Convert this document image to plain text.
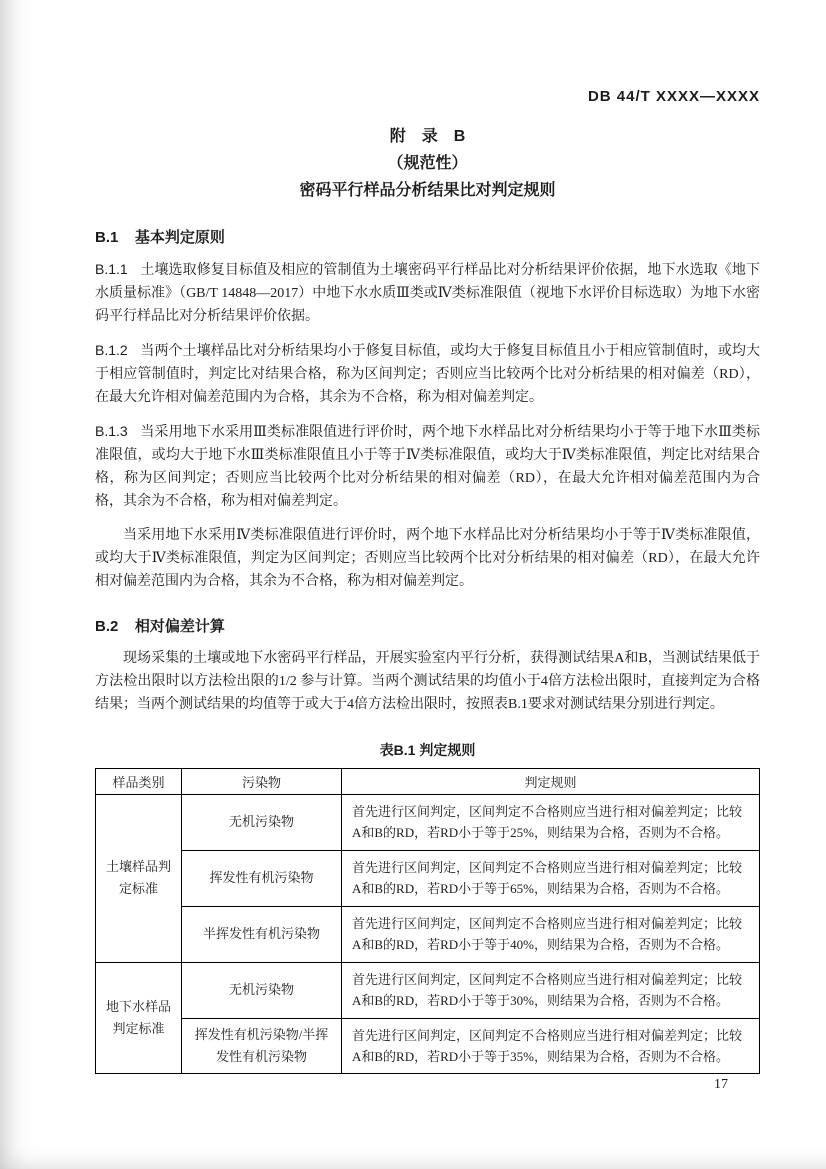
DB 44/T XXXX—XXXX
附　录　B
（规范性）
密码平行样品分析结果比对判定规则
B.1 基本判定原则

B.1.1 土壤选取修复目标值及相应的管制值为土壤密码平行样品比对分析结果评价依据，地下水选取《地下水质量标准》（GB/T 14848—2017）中地下水水质Ⅲ类或Ⅳ类标准限值（视地下水评价目标选取）为地下水密码平行样品比对分析结果评价依据。

B.1.2 当两个土壤样品比对分析结果均小于修复目标值，或均大于修复目标值且小于相应管制值时，或均大于相应管制值时，判定比对结果合格，称为区间判定；否则应当比较两个比对分析结果的相对偏差（RD），在最大允许相对偏差范围内为合格，其余为不合格，称为相对偏差判定。

B.1.3 当采用地下水采用Ⅲ类标准限值进行评价时，两个地下水样品比对分析结果均小于等于地下水Ⅲ类标准限值，或均大于地下水Ⅲ类标准限值且小于等于Ⅳ类标准限值，或均大于Ⅳ类标准限值，判定比对结果合格，称为区间判定；否则应当比较两个比对分析结果的相对偏差（RD），在最大允许相对偏差范围内为合格，其余为不合格，称为相对偏差判定。

当采用地下水采用Ⅳ类标准限值进行评价时，两个地下水样品比对分析结果均小于等于Ⅳ类标准限值，或均大于Ⅳ类标准限值，判定为区间判定；否则应当比较两个比对分析结果的相对偏差（RD），在最大允许相对偏差范围内为合格，其余为不合格，称为相对偏差判定。

B.2 相对偏差计算

现场采集的土壤或地下水密码平行样品，开展实验室内平行分析，获得测试结果A和B，当测试结果低于方法检出限时以方法检出限的1/2 参与计算。当两个测试结果的均值小于4倍方法检出限时，直接判定为合格结果；当两个测试结果的均值等于或大于4倍方法检出限时，按照表B.1要求对测试结果分别进行判定。

表B.1 判定规则
样品类别	污染物	判定规则
土壤样品判定标准	无机污染物	首先进行区间判定，区间判定不合格则应当进行相对偏差判定；比较A和B的RD，若RD小于等于25%，则结果为合格，否则为不合格。
	挥发性有机污染物	首先进行区间判定，区间判定不合格则应当进行相对偏差判定；比较A和B的RD，若RD小于等于65%，则结果为合格，否则为不合格。
	半挥发性有机污染物	首先进行区间判定，区间判定不合格则应当进行相对偏差判定；比较A和B的RD，若RD小于等于40%，则结果为合格，否则为不合格。
地下水样品判定标准	无机污染物	首先进行区间判定，区间判定不合格则应当进行相对偏差判定；比较A和B的RD，若RD小于等于30%，则结果为合格，否则为不合格。
	挥发性有机污染物/半挥发性有机污染物	首先进行区间判定，区间判定不合格则应当进行相对偏差判定；比较A和B的RD，若RD小于等于35%，则结果为合格，否则为不合格。
17
